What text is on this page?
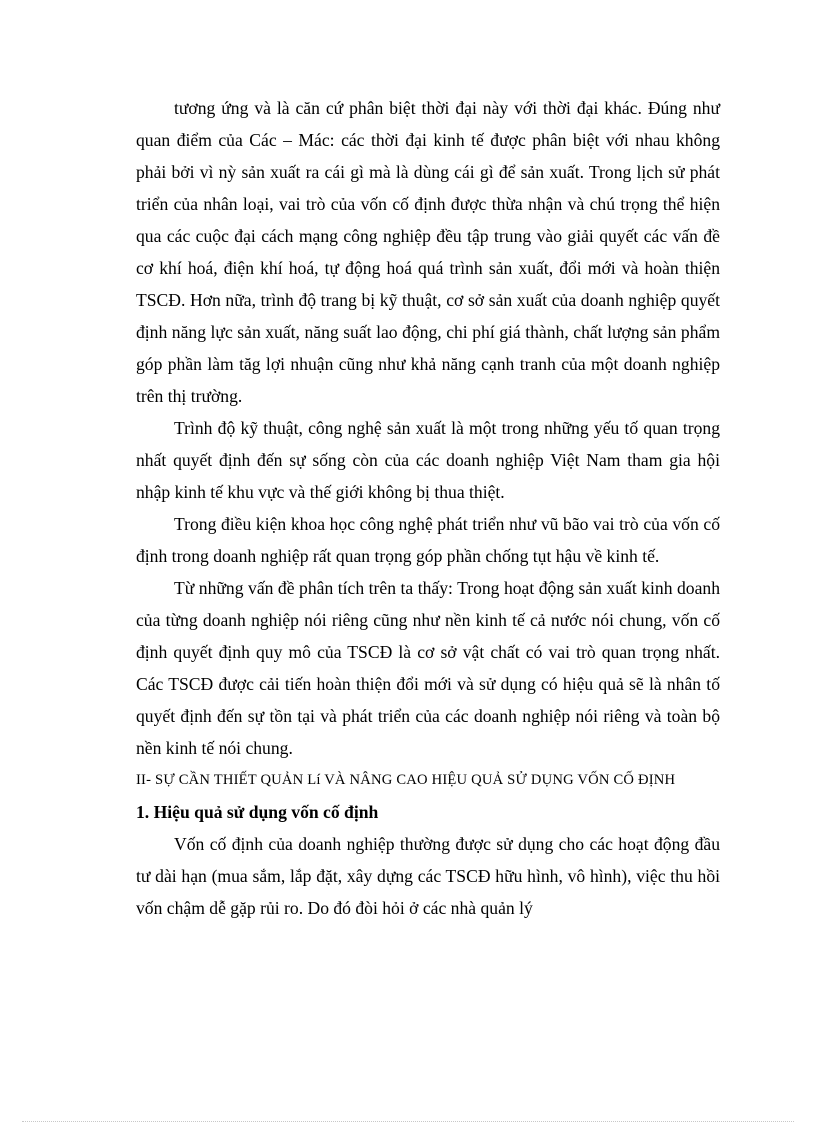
tương ứng và là căn cứ phân biệt thời đại này với thời đại khác. Đúng như quan điểm của Các – Mác: các thời đại kinh tế được phân biệt với nhau không phải bởi vì nỳ sản xuất ra cái gì mà là dùng cái gì để sản xuất. Trong lịch sử phát triển của nhân loại, vai trò của vốn cố định được thừa nhận và chú trọng thể hiện qua các cuộc đại cách mạng công nghiệp đều tập trung vào giải quyết các vấn đề cơ khí hoá, điện khí hoá, tự động hoá quá trình sản xuất, đổi mới và hoàn thiện TSCĐ. Hơn nữa, trình độ trang bị kỹ thuật, cơ sở sản xuất của doanh nghiệp quyết định năng lực sản xuất, năng suất lao động, chi phí giá thành, chất lượng sản phẩm góp phần làm tăg lợi nhuận cũng như khả năng cạnh tranh của một doanh nghiệp trên thị trường.

Trình độ kỹ thuật, công nghệ sản xuất là một trong những yếu tố quan trọng nhất quyết định đến sự sống còn của các doanh nghiệp Việt Nam tham gia hội nhập kinh tế khu vực và thế giới không bị thua thiệt.

Trong điều kiện khoa học công nghệ phát triển như vũ bão vai trò của vốn cố định trong doanh nghiệp rất quan trọng góp phần chống tụt hậu về kinh tế.

Từ những vấn đề phân tích trên ta thấy: Trong hoạt động sản xuất kinh doanh của từng doanh nghiệp nói riêng cũng như nền kinh tế cả nước nói chung, vốn cố định quyết định quy mô của TSCĐ là cơ sở vật chất có vai trò quan trọng nhất. Các TSCĐ được cải tiến hoàn thiện đổi mới và sử dụng có hiệu quả sẽ là nhân tố quyết định đến sự tồn tại và phát triển của các doanh nghiệp nói riêng và toàn bộ nền kinh tế nói chung.

II- SỰ CẦN THIẾT QUẢN Lí VÀ NÂNG CAO HIỆU QUẢ SỬ DỤNG VỐN CỐ ĐỊNH

1. Hiệu quả sử dụng vốn cố định

Vốn cố định của doanh nghiệp thường được sử dụng cho các hoạt động đầu tư dài hạn (mua sắm, lắp đặt, xây dựng các TSCĐ hữu hình, vô hình), việc thu hồi vốn chậm dễ gặp rủi ro. Do đó đòi hỏi ở các nhà quản lý
